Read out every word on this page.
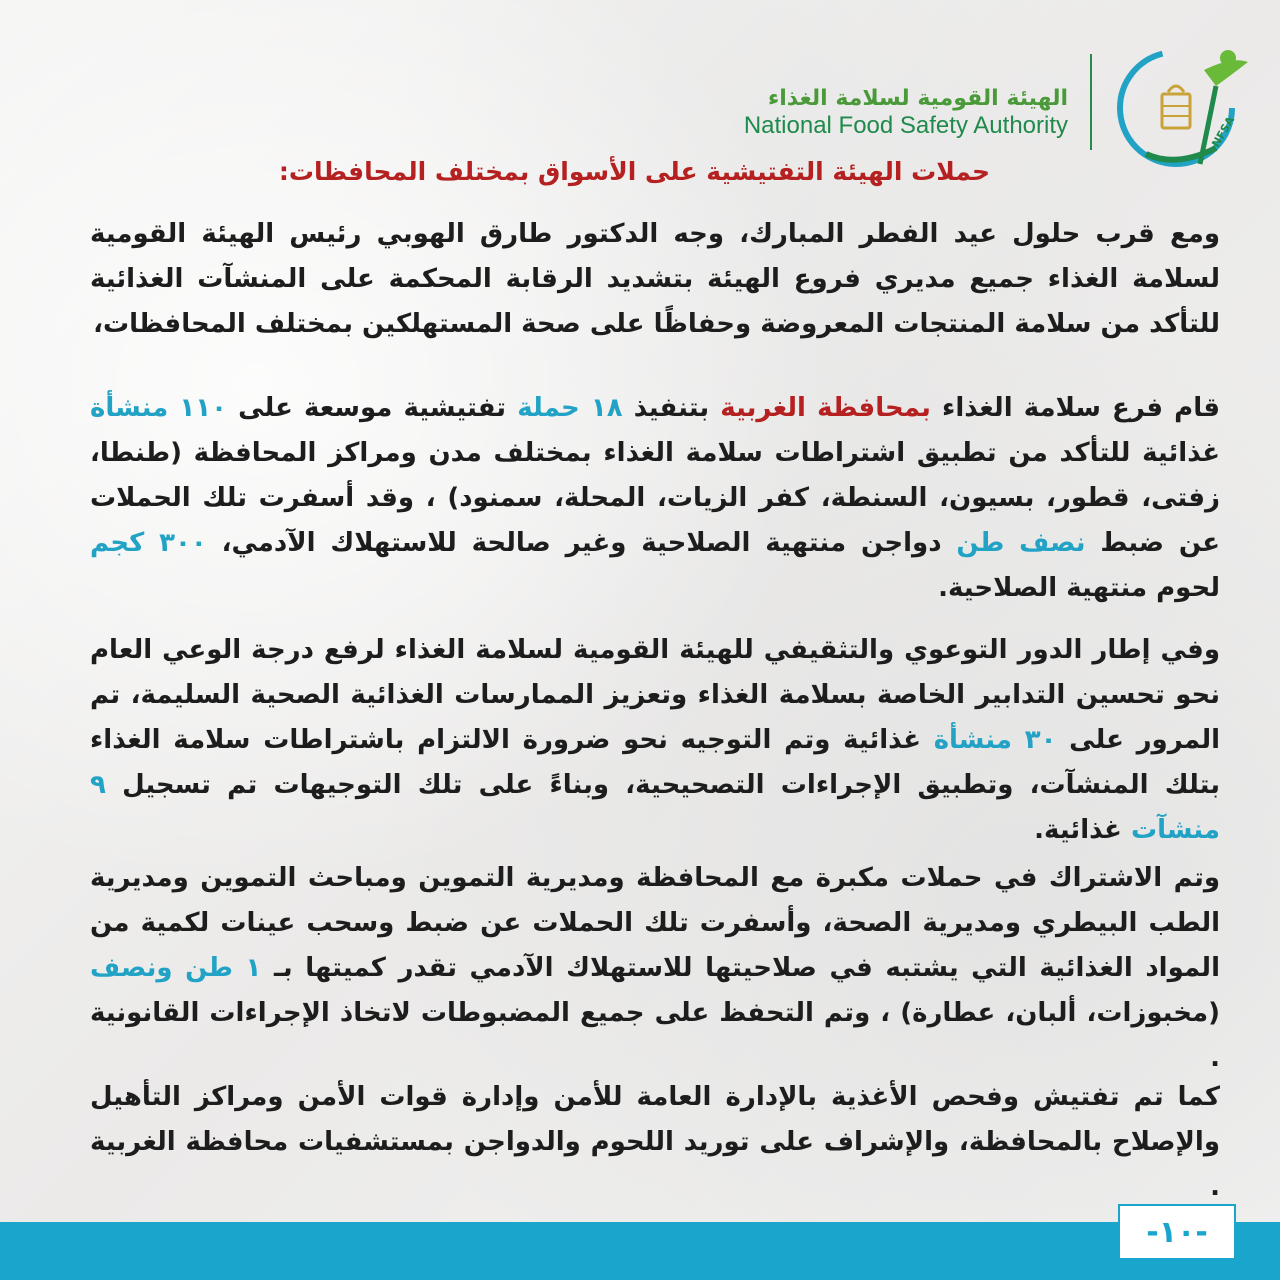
NFSA
الهيئة القومية لسلامة الغذاء
National Food Safety Authority
حملات الهيئة التفتيشية على الأسواق بمختلف المحافظات:

ومع قرب حلول عيد الفطر المبارك، وجه الدكتور طارق الهوبي رئيس الهيئة القومية لسلامة الغذاء جميع مديري فروع الهيئة بتشديد الرقابة المحكمة على المنشآت الغذائية للتأكد من سلامة المنتجات المعروضة وحفاظًا على صحة المستهلكين بمختلف المحافظات،

قام فرع سلامة الغذاء بمحافظة الغربية بتنفيذ ١٨ حملة تفتيشية موسعة على ١١٠ منشأة غذائية للتأكد من تطبيق اشتراطات سلامة الغذاء بمختلف مدن ومراكز المحافظة (طنطا، زفتى، قطور، بسيون، السنطة، كفر الزيات، المحلة، سمنود) ، وقد أسفرت تلك الحملات عن ضبط نصف طن دواجن منتهية الصلاحية وغير صالحة للاستهلاك الآدمي، ٣٠٠ كجم لحوم منتهية الصلاحية.

وفي إطار الدور التوعوي والتثقيفي للهيئة القومية لسلامة الغذاء لرفع درجة الوعي العام نحو تحسين التدابير الخاصة بسلامة الغذاء وتعزيز الممارسات الغذائية الصحية السليمة، تم المرور على ٣٠ منشأة غذائية وتم التوجيه نحو ضرورة الالتزام باشتراطات سلامة الغذاء بتلك المنشآت، وتطبيق الإجراءات التصحيحية، وبناءً على تلك التوجيهات تم تسجيل ٩ منشآت غذائية.

وتم الاشتراك في حملات مكبرة مع المحافظة ومديرية التموين ومباحث التموين ومديرية الطب البيطري ومديرية الصحة، وأسفرت تلك الحملات عن ضبط وسحب عينات لكمية من المواد الغذائية التي يشتبه في صلاحيتها للاستهلاك الآدمي تقدر كميتها بـ ١ طن ونصف (مخبوزات، ألبان، عطارة) ، وتم التحفظ على جميع المضبوطات لاتخاذ الإجراءات القانونية .

كما تم تفتيش وفحص الأغذية بالإدارة العامة للأمن وإدارة قوات الأمن ومراكز التأهيل والإصلاح بالمحافظة، والإشراف على توريد اللحوم والدواجن بمستشفيات محافظة الغربية .

-١٠-
